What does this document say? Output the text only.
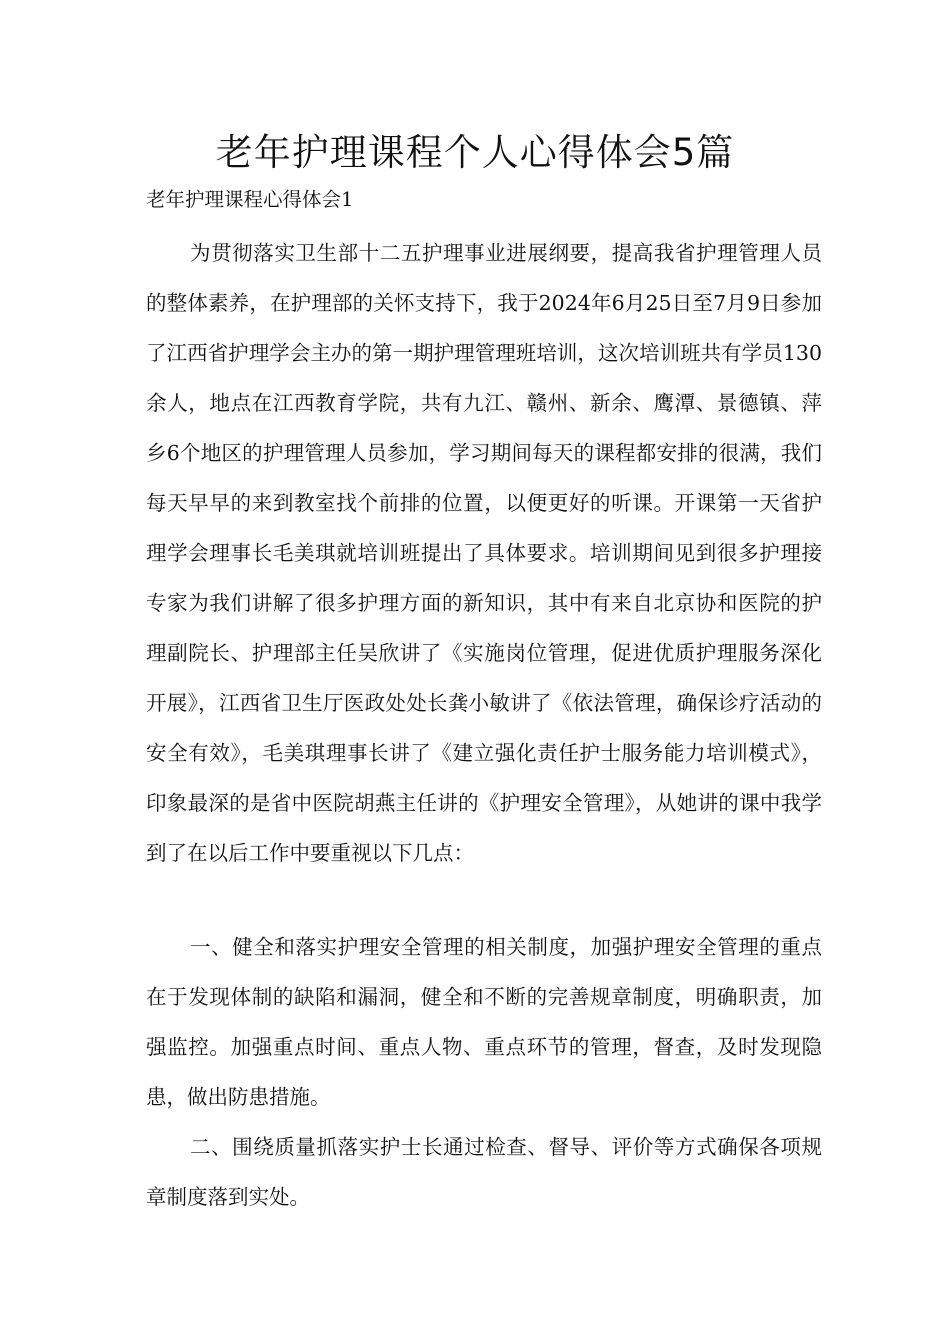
老年护理课程个人心得体会5篇
老年护理课程心得体会1

为贯彻落实卫生部十二五护理事业进展纲要，提高我省护理管理人员的整体素养，在护理部的关怀支持下，我于2024年6月25日至7月9日参加了江西省护理学会主办的第一期护理管理班培训，这次培训班共有学员130余人，地点在江西教育学院，共有九江、赣州、新余、鹰潭、景德镇、萍乡6个地区的护理管理人员参加，学习期间每天的课程都安排的很满，我们每天早早的来到教室找个前排的位置，以便更好的听课。开课第一天省护理学会理事长毛美琪就培训班提出了具体要求。培训期间见到很多护理接专家为我们讲解了很多护理方面的新知识，其中有来自北京协和医院的护理副院长、护理部主任吴欣讲了《实施岗位管理，促进优质护理服务深化开展》，江西省卫生厅医政处处长龚小敏讲了《依法管理，确保诊疗活动的安全有效》，毛美琪理事长讲了《建立强化责任护士服务能力培训模式》，印象最深的是省中医院胡燕主任讲的《护理安全管理》，从她讲的课中我学到了在以后工作中要重视以下几点：

一、健全和落实护理安全管理的相关制度，加强护理安全管理的重点在于发现体制的缺陷和漏洞，健全和不断的完善规章制度，明确职责，加强监控。加强重点时间、重点人物、重点环节的管理，督查，及时发现隐患，做出防患措施。

二、围绕质量抓落实护士长通过检查、督导、评价等方式确保各项规章制度落到实处。
